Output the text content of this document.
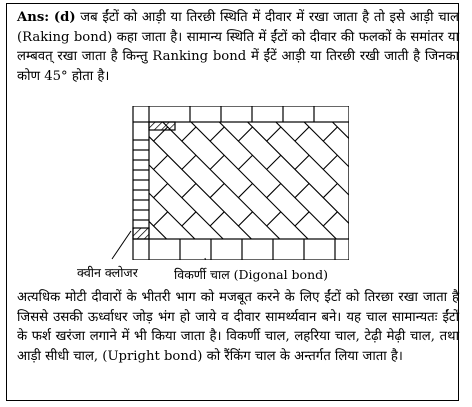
Ans: (d) जब ईंटों को आड़ी या तिरछी स्थिति में दीवार में रखा जाता है तो इसे आड़ी चाल (Raking bond) कहा जाता है। सामान्य स्थिति में ईंटों को दीवार की फलकों के समांतर या लम्बवत् रखा जाता है किन्तु Ranking bond में ईंटें आड़ी या तिरछी रखी जाती है जिनका कोण 45° होता है।

क्वीन क्लोजर	विकर्णी चाल (Digonal bond)

अत्यधिक मोटी दीवारों के भीतरी भाग को मजबूत करने के लिए ईंटों को तिरछा रखा जाता है जिससे उसकी ऊर्ध्वाधर जोड़ भंग हो जाये व दीवार सामर्थ्यवान बने। यह चाल सामान्यतः ईंटों के फर्श खरंजा लगाने में भी किया जाता है। विकर्णी चाल, लहरिया चाल, टेढ़ी मेढ़ी चाल, तथा आड़ी सीधी चाल, (Upright bond) को रैंकिंग चाल के अन्तर्गत लिया जाता है।
